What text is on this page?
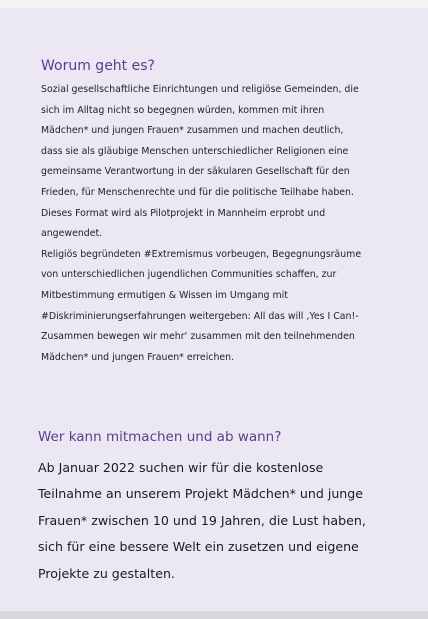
Worum geht es?

Sozial gesellschaftliche Einrichtungen und religiöse Gemeinden, die
sich im Alltag nicht so begegnen würden, kommen mit ihren
Mädchen* und jungen Frauen* zusammen und machen deutlich,
dass sie als gläubige Menschen unterschiedlicher Religionen eine
gemeinsame Verantwortung in der säkularen Gesellschaft für den
Frieden, für Menschenrechte und für die politische Teilhabe haben.
Dieses Format wird als Pilotprojekt in Mannheim erprobt und
angewendet.
Religiös begründeten #Extremismus vorbeugen, Begegnungsräume
von unterschiedlichen jugendlichen Communities schaffen, zur
Mitbestimmung ermutigen & Wissen im Umgang mit
#Diskriminierungserfahrungen weitergeben: All das will ‚Yes I Can!-
Zusammen bewegen wir mehr‘ zusammen mit den teilnehmenden
Mädchen* und jungen Frauen* erreichen.

Wer kann mitmachen und ab wann?

Ab Januar 2022 suchen wir für die kostenlose
Teilnahme an unserem Projekt Mädchen* und junge
Frauen* zwischen 10 und 19 Jahren, die Lust haben,
sich für eine bessere Welt ein zusetzen und eigene
Projekte zu gestalten.
